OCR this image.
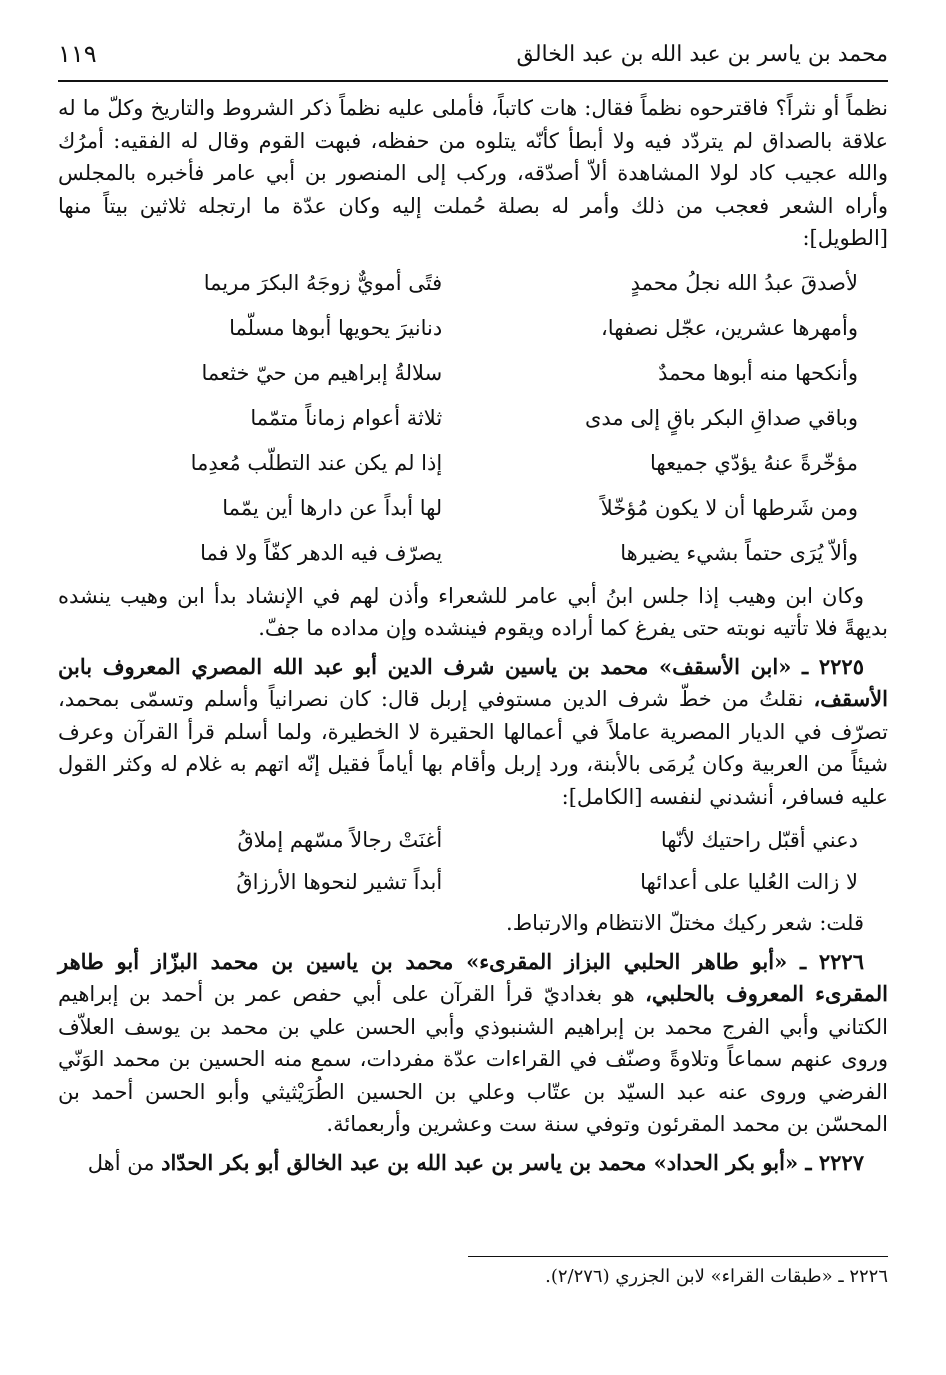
محمد بن ياسر بن عبد الله بن عبد الخالق
١١٩

نظماً أو نثراً؟ فاقترحوه نظماً فقال: هات كاتباً، فأملى عليه نظماً ذكر الشروط والتاريخ وكلّ ما له علاقة بالصداق لم يتردّد فيه ولا أبطأ كأنّه يتلوه من حفظه، فبهت القوم وقال له الفقيه: أمرُك والله عجيب كاد لولا المشاهدة ألاّ أصدّقه، وركب إلى المنصور بن أبي عامر فأخبره بالمجلس وأراه الشعر فعجب من ذلك وأمر له بصلة حُملت إليه وكان عدّة ما ارتجله ثلاثين بيتاً منها [الطويل]:

لأصدقَ عبدُ الله نجلُ محمدٍ
فتًى أمويٌّ زوجَهُ البكرَ مريما
وأمهرها عشرين، عجّل نصفها،
دنانيرَ يحويها أبوها مسلّما
وأنكحها منه أبوها محمدٌ
سلالةُ إبراهيم من حيّ خثعما
وباقي صداقِ البكر باقٍ إلى مدى
ثلاثة أعوام زماناً متمّما
مؤخّرةً عنهُ يؤدّي جميعها
إذا لم يكن عند التطلّب مُعدِما
ومن شَرطها أن لا يكون مُؤخّلاً
لها أبداً عن دارها أين يمّما
وألاّ يُرَى حتماً بشيء يضيرها
يصرّف فيه الدهر كفّاً ولا فما

وكان ابن وهيب إذا جلس ابنُ أبي عامر للشعراء وأذن لهم في الإنشاد بدأ ابن وهيب ينشده بديهةً فلا تأتيه نوبته حتى يفرغ كما أراده ويقوم فينشده وإن مداده ما جفّ.

٢٢٢٥ ـ «ابن الأسقف» محمد بن ياسين شرف الدين أبو عبد الله المصري المعروف بابن الأسقف، نقلتُ من خطّ شرف الدين مستوفي إربل قال: كان نصرانياً وأسلم وتسمّى بمحمد، تصرّف في الديار المصرية عاملاً في أعمالها الحقيرة لا الخطيرة، ولما أسلم قرأ القرآن وعرف شيئاً من العربية وكان يُرمَى بالأبنة، ورد إربل وأقام بها أياماً فقيل إنّه اتهم به غلام له وكثر القول عليه فسافر، أنشدني لنفسه [الكامل]:

دعني أقبّل راحتيك لأنّها
أغنَتْ رجالاً مسّهم إملاقُ
لا زالت العُليا على أعدائها
أبداً تشير لنحوها الأرزاقُ

قلت: شعر ركيك مختلّ الانتظام والارتباط.

٢٢٢٦ ـ «أبو طاهر الحلبي البزاز المقرىء» محمد بن ياسين بن محمد البزّاز أبو طاهر المقرىء المعروف بالحلبي، هو بغداديّ قرأ القرآن على أبي حفص عمر بن أحمد بن إبراهيم الكتاني وأبي الفرج محمد بن إبراهيم الشنبوذي وأبي الحسن علي بن محمد بن يوسف العلاّف وروى عنهم سماعاً وتلاوةً وصنّف في القراءات عدّة مفردات، سمع منه الحسين بن محمد الوَنّي الفرضي وروى عنه عبد السيّد بن عتّاب وعلي بن الحسين الطُرَيْثيثي وأبو الحسن أحمد بن المحسّن بن محمد المقرئون وتوفي سنة ست وعشرين وأربعمائة.

٢٢٢٧ ـ «أبو بكر الحداد» محمد بن ياسر بن عبد الله بن عبد الخالق أبو بكر الحدّاد من أهل

٢٢٢٦ ـ «طبقات القراء» لابن الجزري (٢/٢٧٦).
